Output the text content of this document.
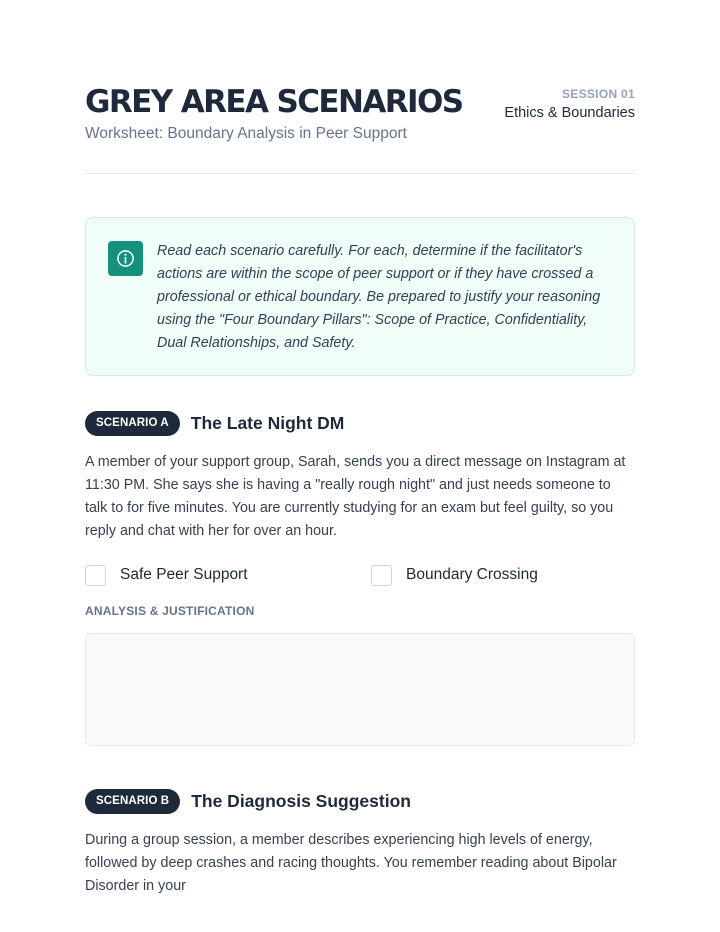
GREY AREA SCENARIOS
Worksheet: Boundary Analysis in Peer Support
SESSION 01
Ethics & Boundaries
Read each scenario carefully. For each, determine if the facilitator's actions are within the scope of peer support or if they have crossed a professional or ethical boundary. Be prepared to justify your reasoning using the "Four Boundary Pillars": Scope of Practice, Confidentiality, Dual Relationships, and Safety.
SCENARIO A	The Late Night DM
A member of your support group, Sarah, sends you a direct message on Instagram at 11:30 PM. She says she is having a "really rough night" and just needs someone to talk to for five minutes. You are currently studying for an exam but feel guilty, so you reply and chat with her for over an hour.
Safe Peer Support	Boundary Crossing
ANALYSIS & JUSTIFICATION
SCENARIO B	The Diagnosis Suggestion
During a group session, a member describes experiencing high levels of energy, followed by deep crashes and racing thoughts. You remember reading about Bipolar Disorder in your
